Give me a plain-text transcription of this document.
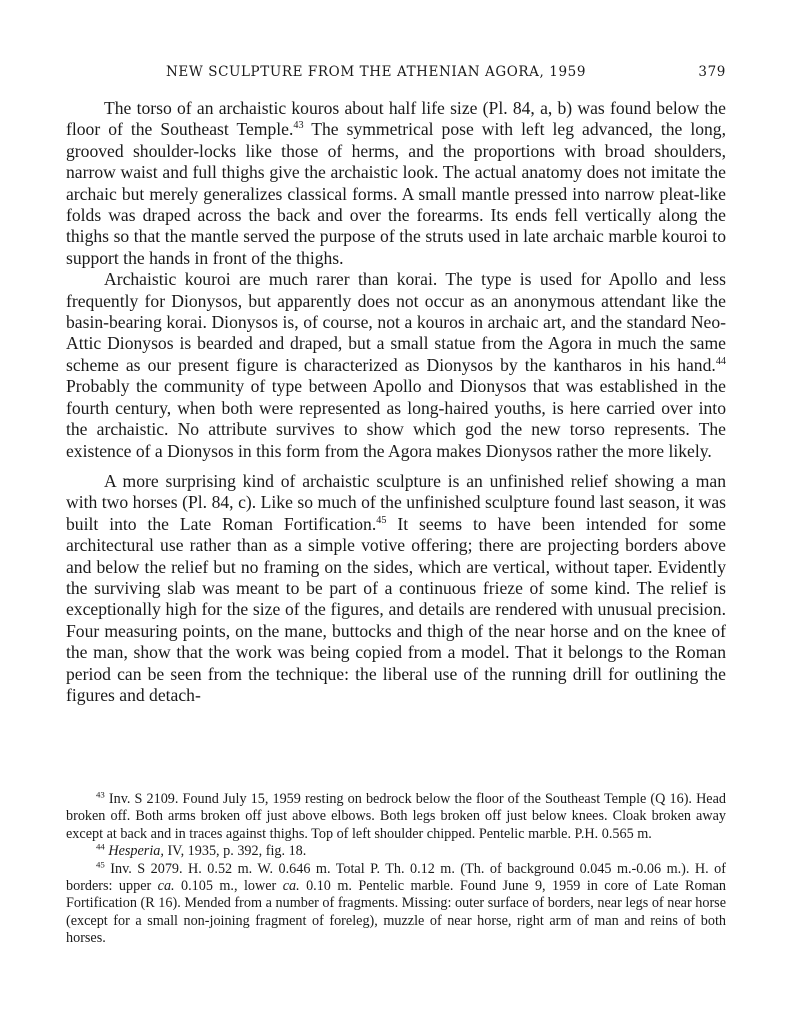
NEW SCULPTURE FROM THE ATHENIAN AGORA, 1959	379

The torso of an archaistic kouros about half life size (Pl. 84, a, b) was found below the floor of the Southeast Temple.$^{43}$ The symmetrical pose with left leg advanced, the long, grooved shoulder-locks like those of herms, and the proportions with broad shoulders, narrow waist and full thighs give the archaistic look. The actual anatomy does not imitate the archaic but merely generalizes classical forms. A small mantle pressed into narrow pleat-like folds was draped across the back and over the forearms. Its ends fell vertically along the thighs so that the mantle served the purpose of the struts used in late archaic marble kouroi to support the hands in front of the thighs.

Archaistic kouroi are much rarer than korai. The type is used for Apollo and less frequently for Dionysos, but apparently does not occur as an anonymous attendant like the basin-bearing korai. Dionysos is, of course, not a kouros in archaic art, and the standard Neo-Attic Dionysos is bearded and draped, but a small statue from the Agora in much the same scheme as our present figure is characterized as Dionysos by the kantharos in his hand.$^{44}$ Probably the community of type between Apollo and Dionysos that was established in the fourth century, when both were represented as long-haired youths, is here carried over into the archaistic. No attribute survives to show which god the new torso represents. The existence of a Dionysos in this form from the Agora makes Dionysos rather the more likely.

A more surprising kind of archaistic sculpture is an unfinished relief showing a man with two horses (Pl. 84, c). Like so much of the unfinished sculpture found last season, it was built into the Late Roman Fortification.$^{45}$ It seems to have been intended for some architectural use rather than as a simple votive offering; there are projecting borders above and below the relief but no framing on the sides, which are vertical, without taper. Evidently the surviving slab was meant to be part of a continuous frieze of some kind. The relief is exceptionally high for the size of the figures, and details are rendered with unusual precision. Four measuring points, on the mane, buttocks and thigh of the near horse and on the knee of the man, show that the work was being copied from a model. That it belongs to the Roman period can be seen from the technique: the liberal use of the running drill for outlining the figures and detach-

$^{43}$ Inv. S 2109. Found July 15, 1959 resting on bedrock below the floor of the Southeast Temple (Q 16). Head broken off. Both arms broken off just above elbows. Both legs broken off just below knees. Cloak broken away except at back and in traces against thighs. Top of left shoulder chipped. Pentelic marble. P.H. 0.565 m.

$^{44}$ Hesperia, IV, 1935, p. 392, fig. 18.

$^{45}$ Inv. S 2079. H. 0.52 m. W. 0.646 m. Total P. Th. 0.12 m. (Th. of background 0.045 m.-0.06 m.). H. of borders: upper ca. 0.105 m., lower ca. 0.10 m. Pentelic marble. Found June 9, 1959 in core of Late Roman Fortification (R 16). Mended from a number of fragments. Missing: outer surface of borders, near legs of near horse (except for a small non-joining fragment of foreleg), muzzle of near horse, right arm of man and reins of both horses.
